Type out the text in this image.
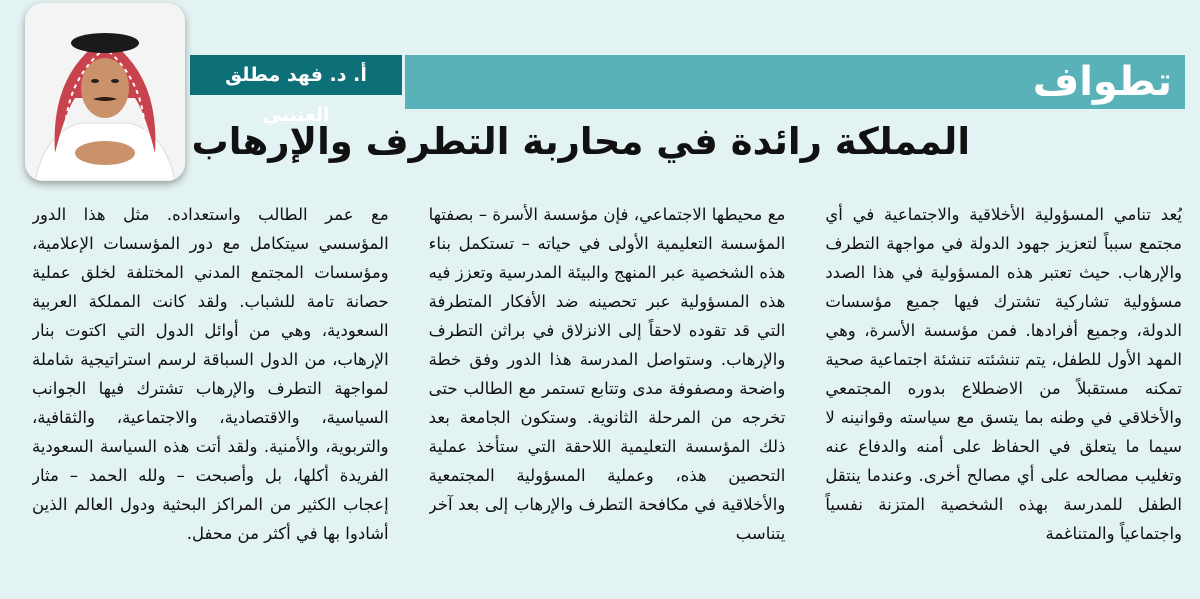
تطواف
أ. د. فهد مطلق العتيبي
المملكة رائدة في محاربة التطرف والإرهاب
يُعد تنامي المسؤولية الأخلاقية والاجتماعية في أي مجتمع سبباً لتعزيز جهود الدولة في مواجهة التطرف والإرهاب. حيث تعتبر هذه المسؤولية في هذا الصدد مسؤولية تشاركية تشترك فيها جميع مؤسسات الدولة، وجميع أفرادها. فمن مؤسسة الأسرة، وهي المهد الأول للطفل، يتم تنشئته تنشئة اجتماعية صحية تمكنه مستقبلاً من الاضطلاع بدوره المجتمعي والأخلاقي في وطنه بما يتسق مع سياسته وقوانينه لا سيما ما يتعلق في الحفاظ على أمنه والدفاع عنه وتغليب مصالحه على أي مصالح أخرى. وعندما ينتقل الطفل للمدرسة بهذه الشخصية المتزنة نفسياً واجتماعياً والمتناغمة
مع محيطها الاجتماعي، فإن مؤسسة الأسرة – بصفتها المؤسسة التعليمية الأولى في حياته – تستكمل بناء هذه الشخصية عبر المنهج والبيئة المدرسية وتعزز فيه هذه المسؤولية عبر تحصينه ضد الأفكار المتطرفة التي قد تقوده لاحقاً إلى الانزلاق في براثن التطرف والإرهاب. وستواصل المدرسة هذا الدور وفق خطة واضحة ومصفوفة مدى وتتابع تستمر مع الطالب حتى تخرجه من المرحلة الثانوية. وستكون الجامعة بعد ذلك المؤسسة التعليمية اللاحقة التي ستأخذ عملية التحصين هذه، وعملية المسؤولية المجتمعية والأخلاقية في مكافحة التطرف والإرهاب إلى بعد آخر يتناسب
مع عمر الطالب واستعداده. مثل هذا الدور المؤسسي سيتكامل مع دور المؤسسات الإعلامية، ومؤسسات المجتمع المدني المختلفة لخلق عملية حصانة تامة للشباب. ولقد كانت المملكة العربية السعودية، وهي من أوائل الدول التي اكتوت بنار الإرهاب، من الدول السباقة لرسم استراتيجية شاملة لمواجهة التطرف والإرهاب تشترك فيها الجوانب السياسية، والاقتصادية، والاجتماعية، والثقافية، والتربوية، والأمنية. ولقد أتت هذه السياسة السعودية الفريدة أكلها، بل وأصبحت – ولله الحمد – مثار إعجاب الكثير من المراكز البحثية ودول العالم الذين أشادوا بها في أكثر من محفل.
